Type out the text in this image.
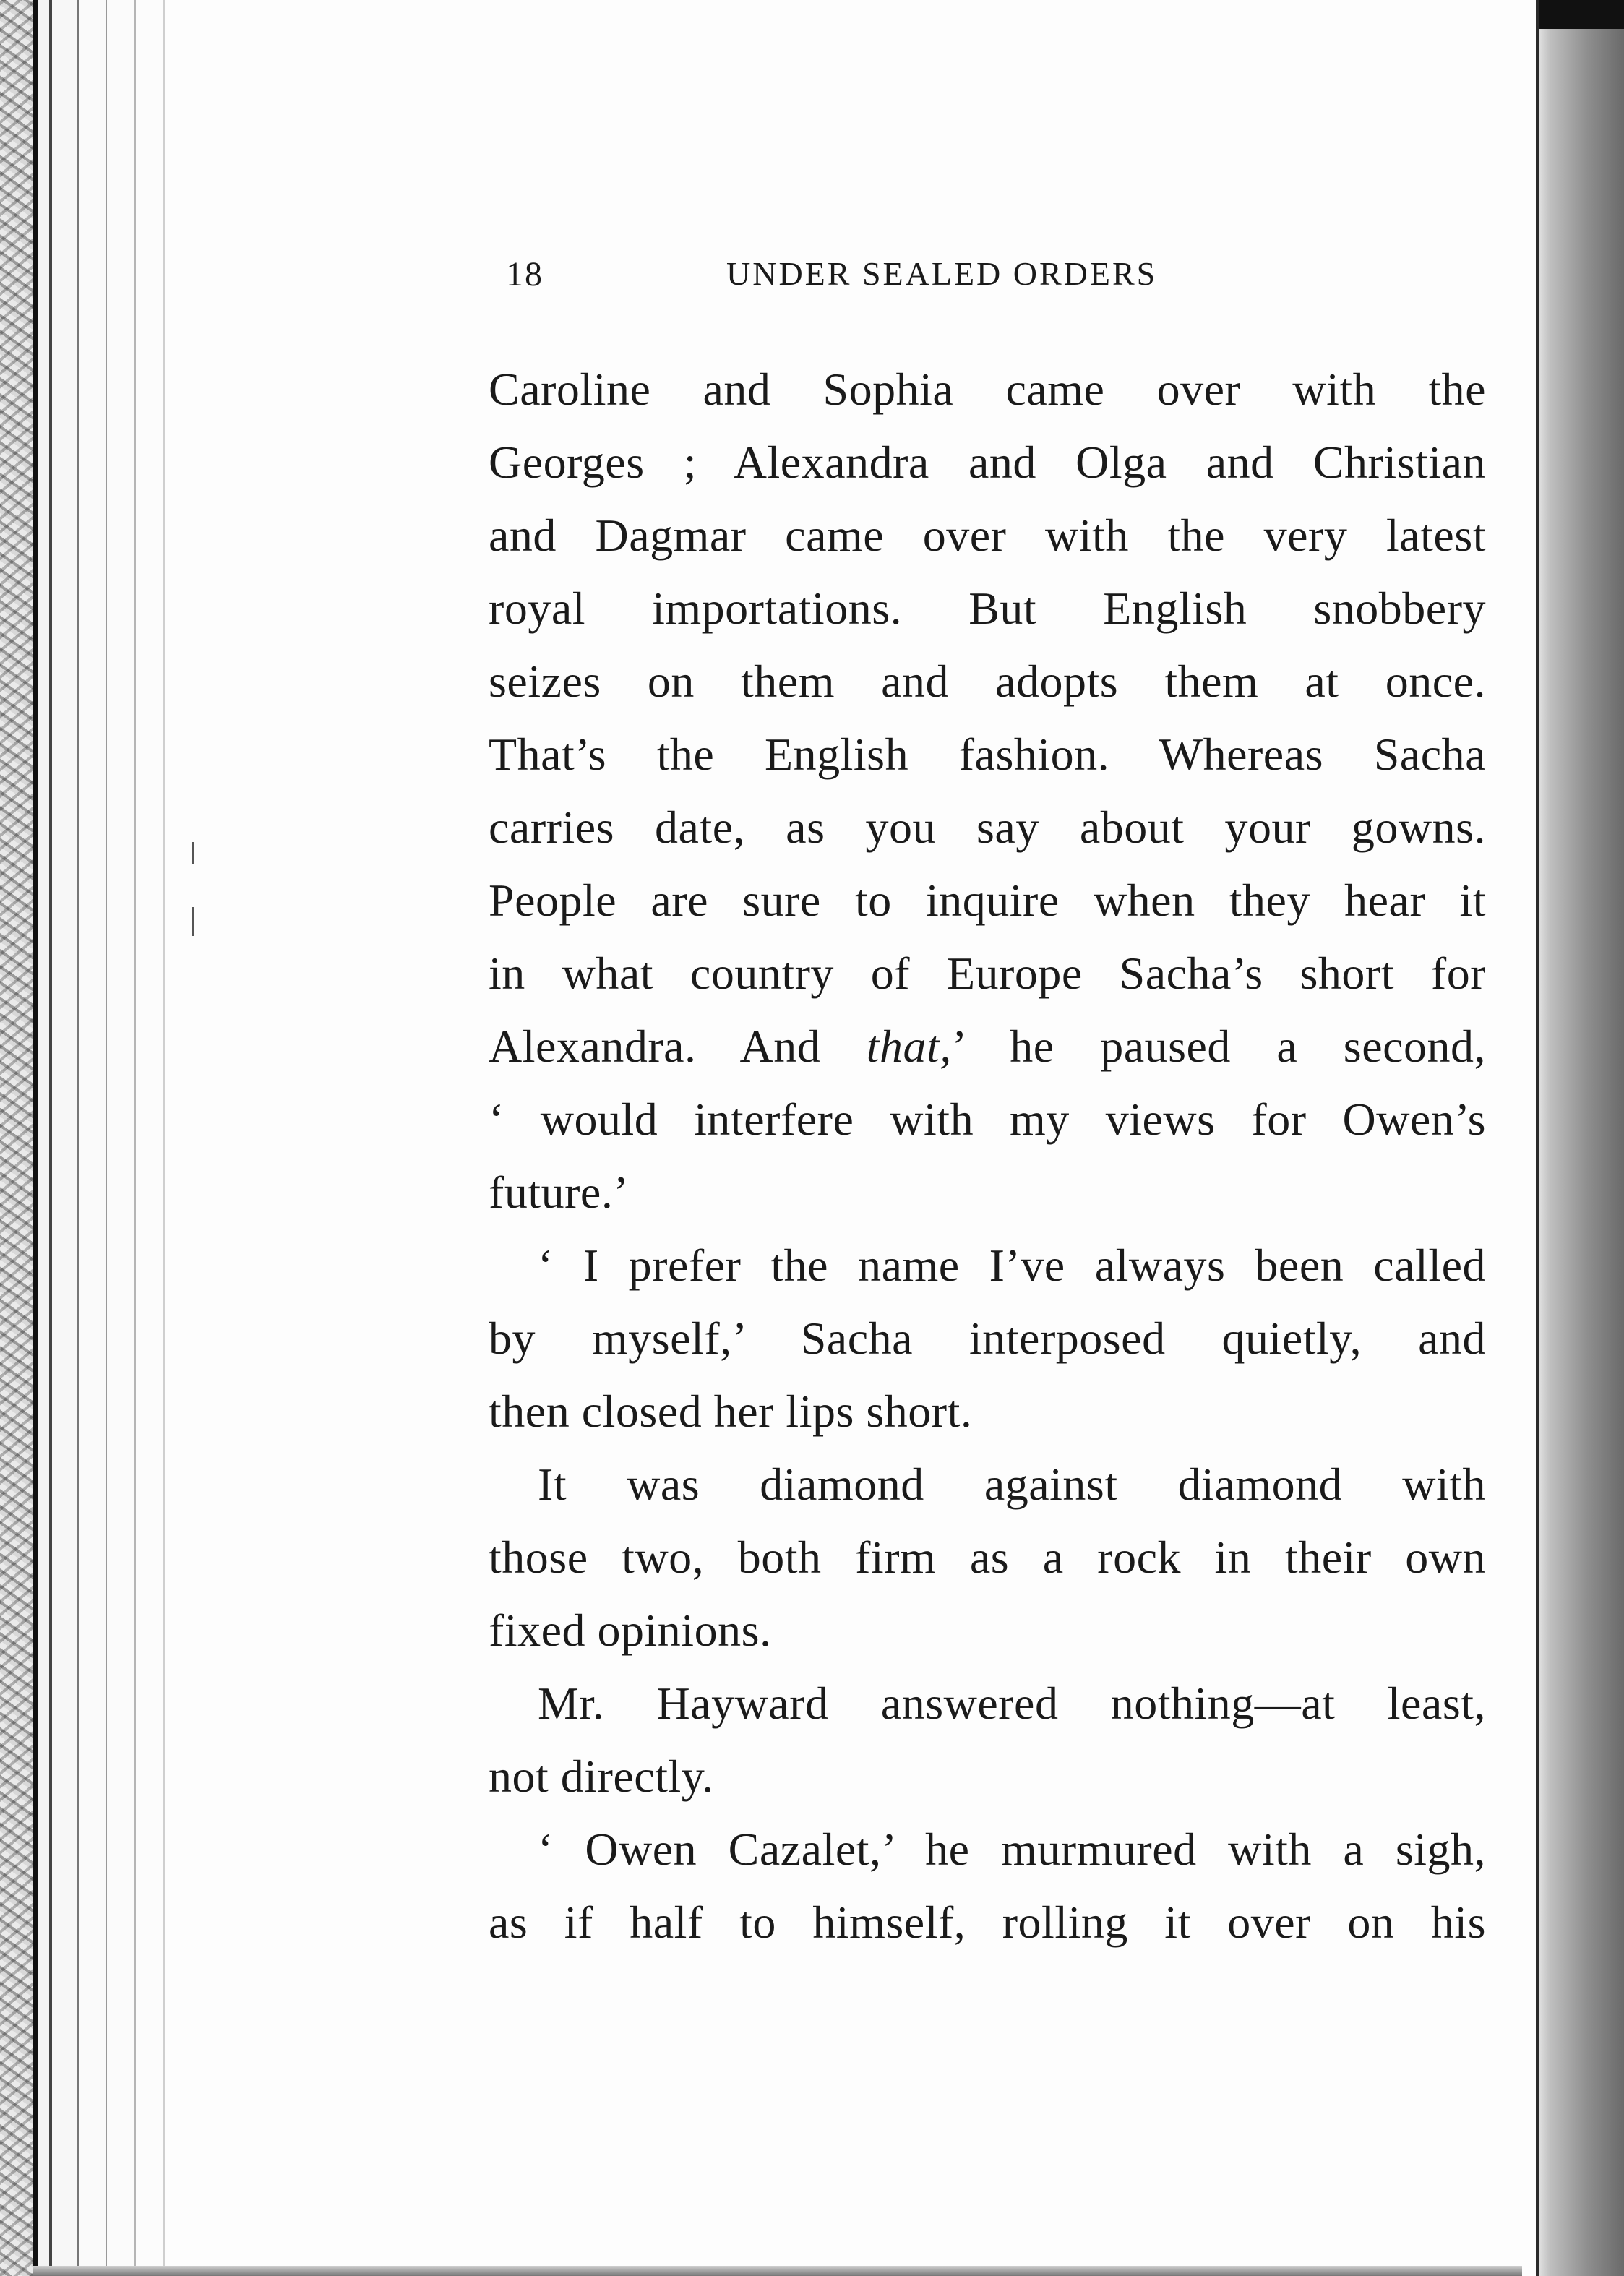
18	UNDER SEALED ORDERS
Caroline and Sophia came over with the
Georges ; Alexandra and Olga and Christian
and Dagmar came over with the very latest
royal importations. But English snobbery
seizes on them and adopts them at once.
That’s the English fashion. Whereas Sacha
carries date, as you say about your gowns.
People are sure to inquire when they hear it
in what country of Europe Sacha’s short for
Alexandra. And that,’ he paused a second,
‘ would interfere with my views for Owen’s
future.’
‘ I prefer the name I’ve always been called
by myself,’ Sacha interposed quietly, and
then closed her lips short.
It was diamond against diamond with
those two, both firm as a rock in their own
fixed opinions.
Mr. Hayward answered nothing—at least,
not directly.
‘ Owen Cazalet,’ he murmured with a sigh,
as if half to himself, rolling it over on his
